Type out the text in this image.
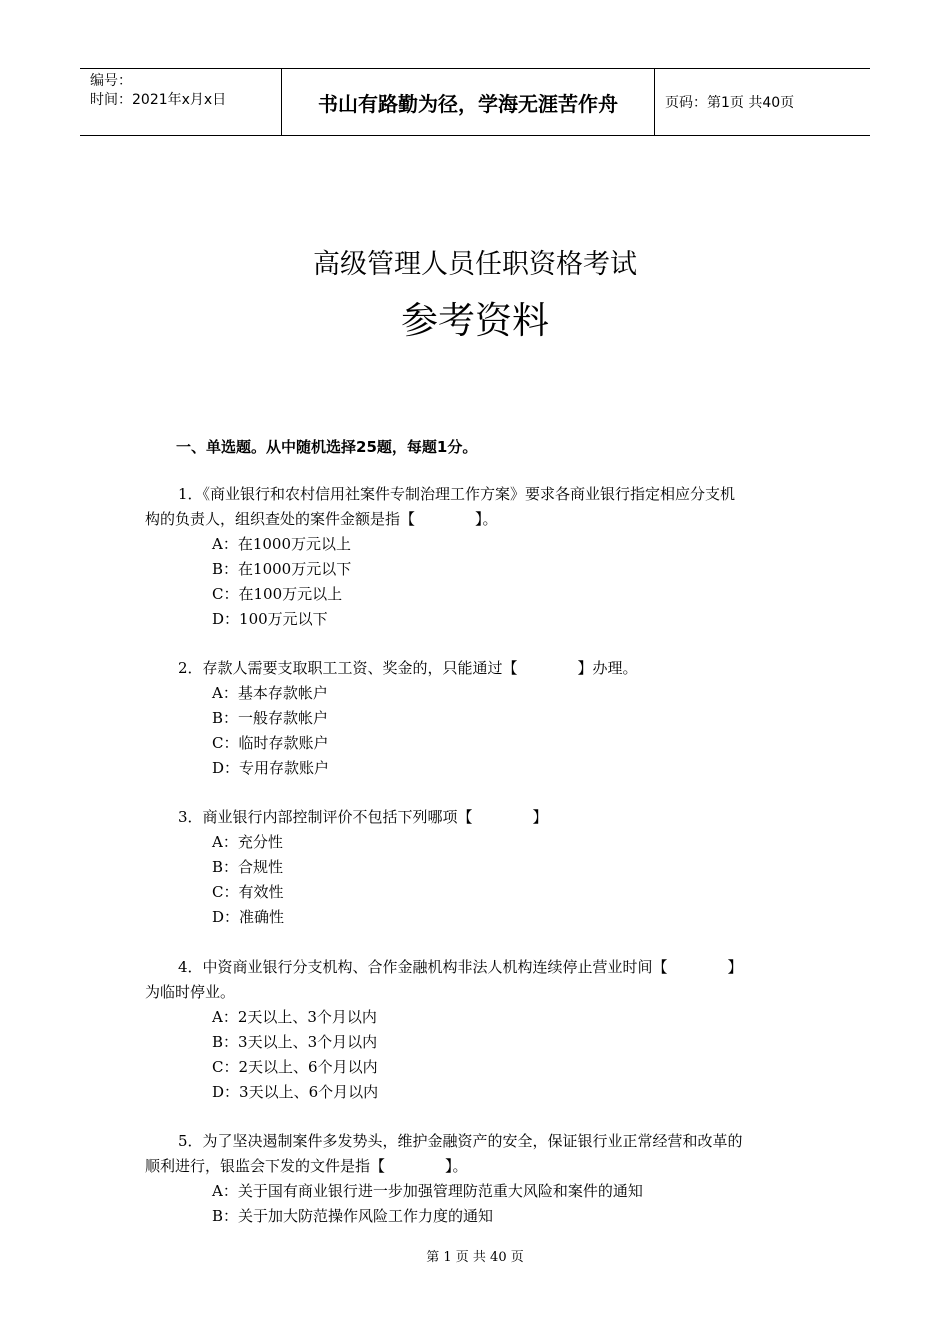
编号：
时间：2021年x月x日	书山有路勤为径，学海无涯苦作舟	页码：第1页 共40页
高级管理人员任职资格考试
参考资料
一、单选题。从中随机选择25题，每题1分。
1．《商业银行和农村信用社案件专制治理工作方案》要求各商业银行指定相应分支机
构的负责人，组织查处的案件金额是指【　　　　】。
A：在1000万元以上
B：在1000万元以下
C：在100万元以上
D：100万元以下
2．存款人需要支取职工工资、奖金的，只能通过【　　　　】办理。
A：基本存款帐户
B：一般存款帐户
C：临时存款账户
D：专用存款账户
3．商业银行内部控制评价不包括下列哪项【　　　　】
A：充分性
B：合规性
C：有效性
D：准确性
4．中资商业银行分支机构、合作金融机构非法人机构连续停止营业时间【　　　　】
为临时停业。
A：2天以上、3个月以内
B：3天以上、3个月以内
C：2天以上、6个月以内
D：3天以上、6个月以内
5．为了坚决遏制案件多发势头，维护金融资产的安全，保证银行业正常经营和改革的
顺利进行，银监会下发的文件是指【　　　　】。
A：关于国有商业银行进一步加强管理防范重大风险和案件的通知
B：关于加大防范操作风险工作力度的通知
第 1 页 共 40 页
